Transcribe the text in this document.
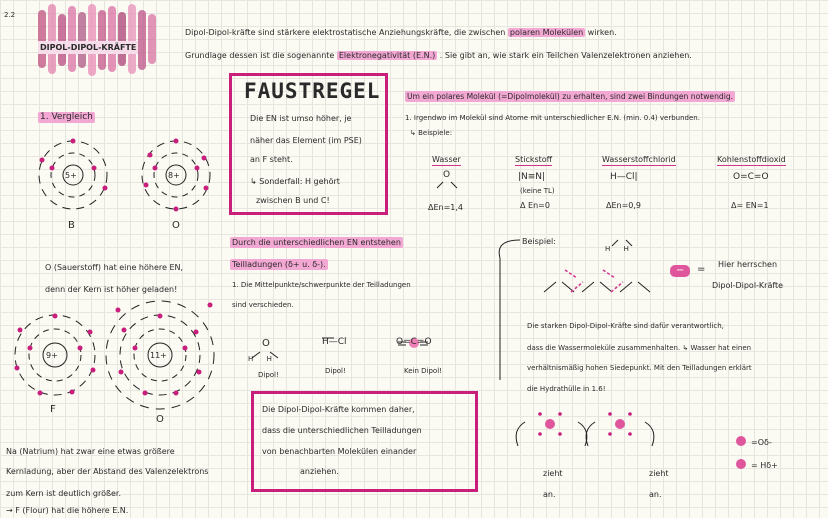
2.2
DIPOL-DIPOL-KRÄFTE
Dipol-Dipol-kräfte sind stärkere elektrostatische Anziehungskräfte, die zwischen polaren Molekülen wirken.
Grundlage dessen ist die sogenannte Elektronegativität (E.N.) . Sie gibt an, wie stark ein Teilchen Valenzelektronen anziehen.
1. Vergleich
5+
B
8+
O
O (Sauerstoff) hat eine höhere EN,
denn der Kern ist höher geladen!
9+
F
11+
O
Na (Natrium) hat zwar eine etwas größere
Kernladung, aber der Abstand des Valenzelektrons
zum Kern ist deutlich größer.
→ F (Flour) hat die höhere E.N.
FAUSTREGEL
Die EN ist umso höher, je
näher das Element (im PSE)
an F steht.
↳ Sonderfall: H gehört
zwischen B und C!
Durch die unterschiedlichen EN entstehen
Teilladungen (δ+ u. δ-).
1. Die Mittelpunkte/schwerpunkte der Teilladungen
sind verschieden.
O
H      H
Dipol!
H—Cl
Dipol!
O=C=O
Kein Dipol!
Die Dipol-Dipol-Kräfte kommen daher,
dass die unterschiedlichen Teilladungen
von benachbarten Molekülen einander
anziehen.
Um ein polares Molekül (=Dipolmolekül) zu erhalten, sind zwei Bindungen notwendig.
1. Irgendwo im Molekül sind Atome mit unterschiedlicher E.N. (min. 0.4) verbunden.
↳ Beispiele:
Wasser
O
ΔEn=1,4
Stickstoff
|N≡N|
(keine TL)
Δ En=0
Wasserstoffchlorid
H—Cl|
ΔEn=0,9
Kohlenstoffdioxid
O=C=O
Δ= EN=1
Beispiel:
H      H
− = Hier herrschen
Dipol-Dipol-Kräfte
Die starken Dipol-Dipol-Kräfte sind dafür verantwortlich,
dass die Wassermoleküle zusammenhalten. ↳ Wasser hat einen
verhältnismäßig hohen Siedepunkt. Mit den Teilladungen erklärt
die Hydrathülle in 1.6!
zieht
an.
zieht
an.
=Oδ-
= Hδ+
